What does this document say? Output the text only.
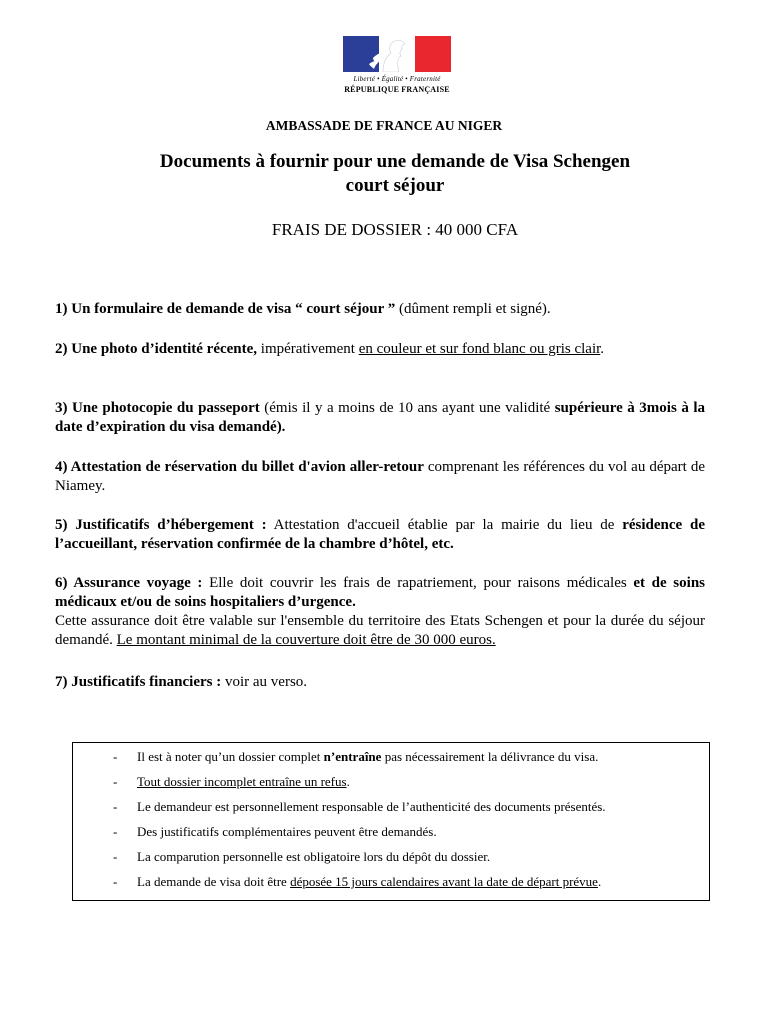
Liberté • Égalité • Fraternité
RÉPUBLIQUE FRANÇAISE
AMBASSADE DE FRANCE AU NIGER
Documents à fournir pour une demande de Visa Schengen
court séjour
FRAIS DE DOSSIER : 40 000 CFA
1) Un formulaire de demande de visa “ court séjour ” (dûment rempli et signé).
2) Une photo d’identité récente, impérativement en couleur et sur fond blanc ou gris clair.
3) Une photocopie du passeport (émis il y a moins de 10 ans ayant une validité supérieure à 3mois à la date d’expiration du visa demandé).
4) Attestation de réservation du billet d'avion aller-retour comprenant les références du vol au départ de Niamey.
5) Justificatifs d’hébergement : Attestation d'accueil établie par la mairie du lieu de résidence de l’accueillant, réservation confirmée de la chambre d’hôtel, etc.
6) Assurance voyage : Elle doit couvrir les frais de rapatriement, pour raisons médicales et de soins médicaux et/ou de soins hospitaliers d’urgence.
Cette assurance doit être valable sur l'ensemble du territoire des Etats Schengen et pour la durée du séjour demandé. Le montant minimal de la couverture doit être de 30 000 euros.
7) Justificatifs financiers : voir au verso.
- Il est à noter qu’un dossier complet n’entraîne pas nécessairement la délivrance du visa.
- Tout dossier incomplet entraîne un refus.
- Le demandeur est personnellement responsable de l’authenticité des documents présentés.
- Des justificatifs complémentaires peuvent être demandés.
- La comparution personnelle est obligatoire lors du dépôt du dossier.
- La demande de visa doit être déposée 15 jours calendaires avant la date de départ prévue.
